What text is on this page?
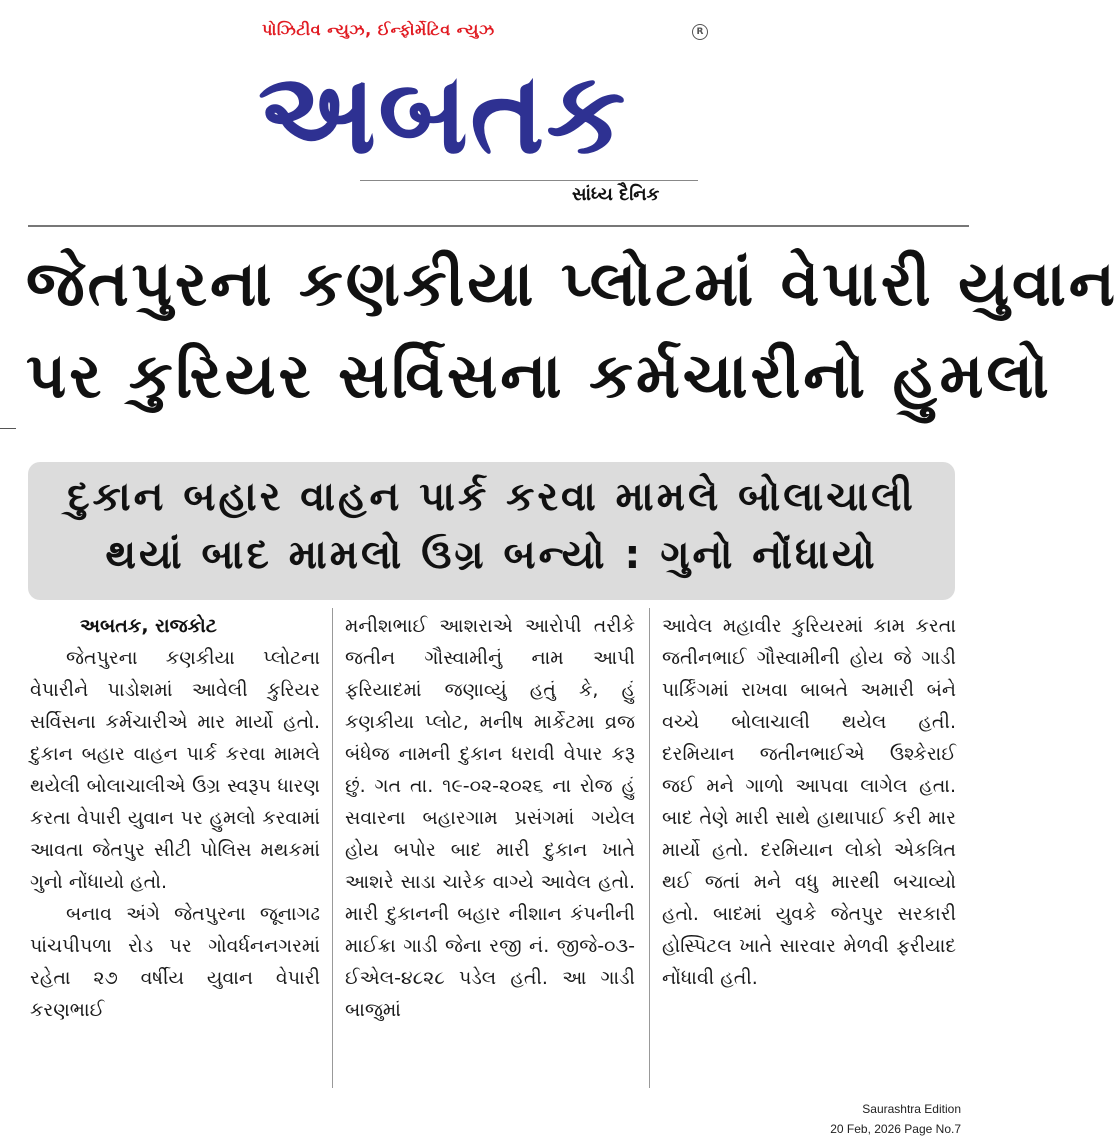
પોઝિટીવ ન્યુઝ, ઈન્ફોર્મેટિવ ન્યુઝ	R
અબતક
સાંધ્ય દૈનિક
જેતપુરના કણકીયા પ્લોટમાં વેપારી યુવાન
પર કુરિયર સર્વિસના કર્મચારીનો હુમલો
દુકાન બહાર વાહન પાર્ક કરવા મામલે બોલાચાલી
થયાં બાદ મામલો ઉગ્ર બન્યો : ગુનો નોંધાયો
અબતક, રાજકોટ

જેતપુરના કણકીયા પ્લોટના વેપારીને પાડોશમાં આવેલી કુરિયર સર્વિસના કર્મચારીએ માર માર્યો હતો. દુકાન બહાર વાહન પાર્ક કરવા મામલે થયેલી બોલાચાલીએ ઉગ્ર સ્વરૂપ ધારણ કરતા વેપારી યુવાન પર હુમલો કરવામાં આવતા જેતપુર સીટી પોલિસ મથકમાં ગુનો નોંધાયો હતો.

બનાવ અંગે જેતપુરના જૂનાગઢ પાંચપીપળા રોડ પર ગોવર્ધનનગરમાં રહેતા ૨૭ વર્ષીય યુવાન વેપારી કરણભાઈ

મનીશભાઈ આશરાએ આરોપી તરીકે જતીન ગૌસ્વામીનું નામ આપી ફરિયાદમાં જણાવ્યું હતું કે, હું કણકીયા પ્લોટ, મનીષ માર્કેટમા વ્રજ બંધેજ નામની દુકાન ધરાવી વેપાર કરૂ છું. ગત તા. ૧૯-૦૨-૨૦૨૬ ના રોજ હું સવારના બહારગામ પ્રસંગમાં ગયેલ હોય બપોર બાદ મારી દુકાન ખાતે આશરે સાડા ચારેક વાગ્યે આવેલ હતો. મારી દુકાનની બહાર નીશાન કંપનીની માઈક્રા ગાડી જેના રજી નં. જીજે-૦૩-ઈએલ-૪૮૨૮ પડેલ હતી. આ ગાડી બાજુમાં

આવેલ મહાવીર કુરિયરમાં કામ કરતા જતીનભાઈ ગૌસ્વામીની હોય જે ગાડી પાર્કિંગમાં રાખવા બાબતે અમારી બંને વચ્ચે બોલાચાલી થયેલ હતી. દરમિયાન જતીનભાઈએ ઉશ્કેરાઈ જઈ મને ગાળો આપવા લાગેલ હતા. બાદ તેણે મારી સાથે હાથાપાઈ કરી માર માર્યો હતો. દરમિયાન લોકો એકત્રિત થઈ જતાં મને વધુ મારથી બચાવ્યો હતો. બાદમાં યુવકે જેતપુર સરકારી હોસ્પિટલ ખાતે સારવાર મેળવી ફરીયાદ નોંધાવી હતી.

Saurashtra Edition
20 Feb, 2026 Page No.7
